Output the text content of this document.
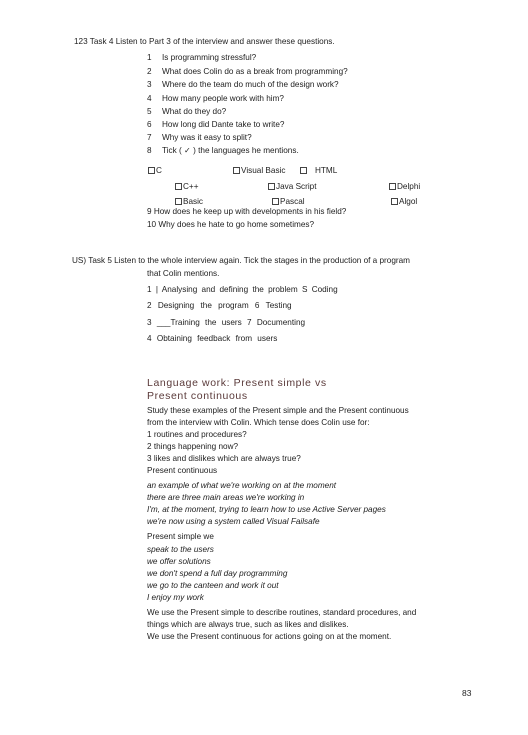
123 Task 4 Listen to Part 3 of the interview and answer these questions.
1 Is programming stressful?
2 What does Colin do as a break from programming?
3 Where do the team do much of the design work?
4 How many people work with him?
5 What do they do?
6 How long did Dante take to write?
7 Why was it easy to split?
8 Tick ( ✓ ) the languages he mentions.
C	Visual Basic	HTML
C++	Java Script	Delphi
Basic	Pascal	Algol
9 How does he keep up with developments in his field?
10 Why does he hate to go home sometimes?
US) Task 5 Listen to the whole interview again. Tick the stages in the production of a program
that Colin mentions.
1 | Analysing and defining the problem S Coding
2 Designing the program 6 Testing
3 ___Training the users 7 Documenting
4 Obtaining feedback from users
Language work: Present simple vs
Present continuous
Study these examples of the Present simple and the Present continuous
from the interview with Colin. Which tense does Colin use for:
1 routines and procedures?
2 things happening now?
3 likes and dislikes which are always true?
Present continuous
an example of what we're working on at the moment
there are three main areas we're working in
I'm, at the moment, trying to learn how to use Active Server pages
we're now using a system called Visual Failsafe
Present simple we
speak to the users
we offer solutions
we don't spend a full day programming
we go to the canteen and work it out
I enjoy my work
We use the Present simple to describe routines, standard procedures, and
things which are always true, such as likes and dislikes.
We use the Present continuous for actions going on at the moment.
83
